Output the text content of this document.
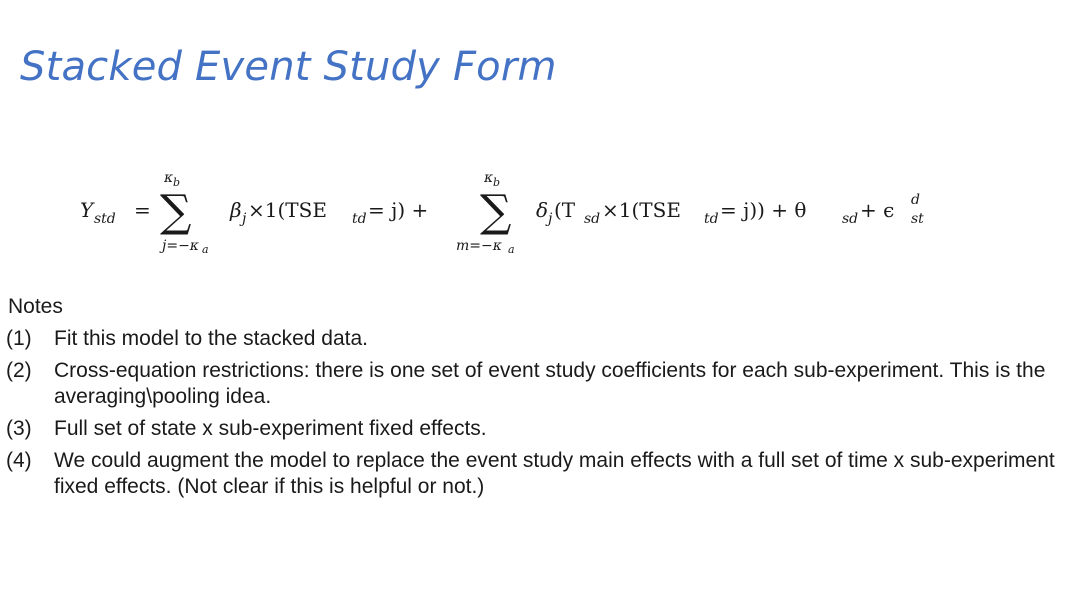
Stacked Event Study Form
Y std =
κ b
∑
j=−κ a
β j ×1(TSE td = j) +
κ b
∑
m=−κ a
δ j (T sd ×1(TSE td = j)) + θ	sd + ϵ d
st
Notes
(1)	Fit this model to the stacked data.
(2)	Cross-equation restrictions: there is one set of event study coefficients for each sub-experiment. This is the averaging\pooling idea.
(3)	Full set of state x sub-experiment fixed effects.
(4)	We could augment the model to replace the event study main effects with a full set of time x sub-experiment fixed effects. (Not clear if this is helpful or not.)
